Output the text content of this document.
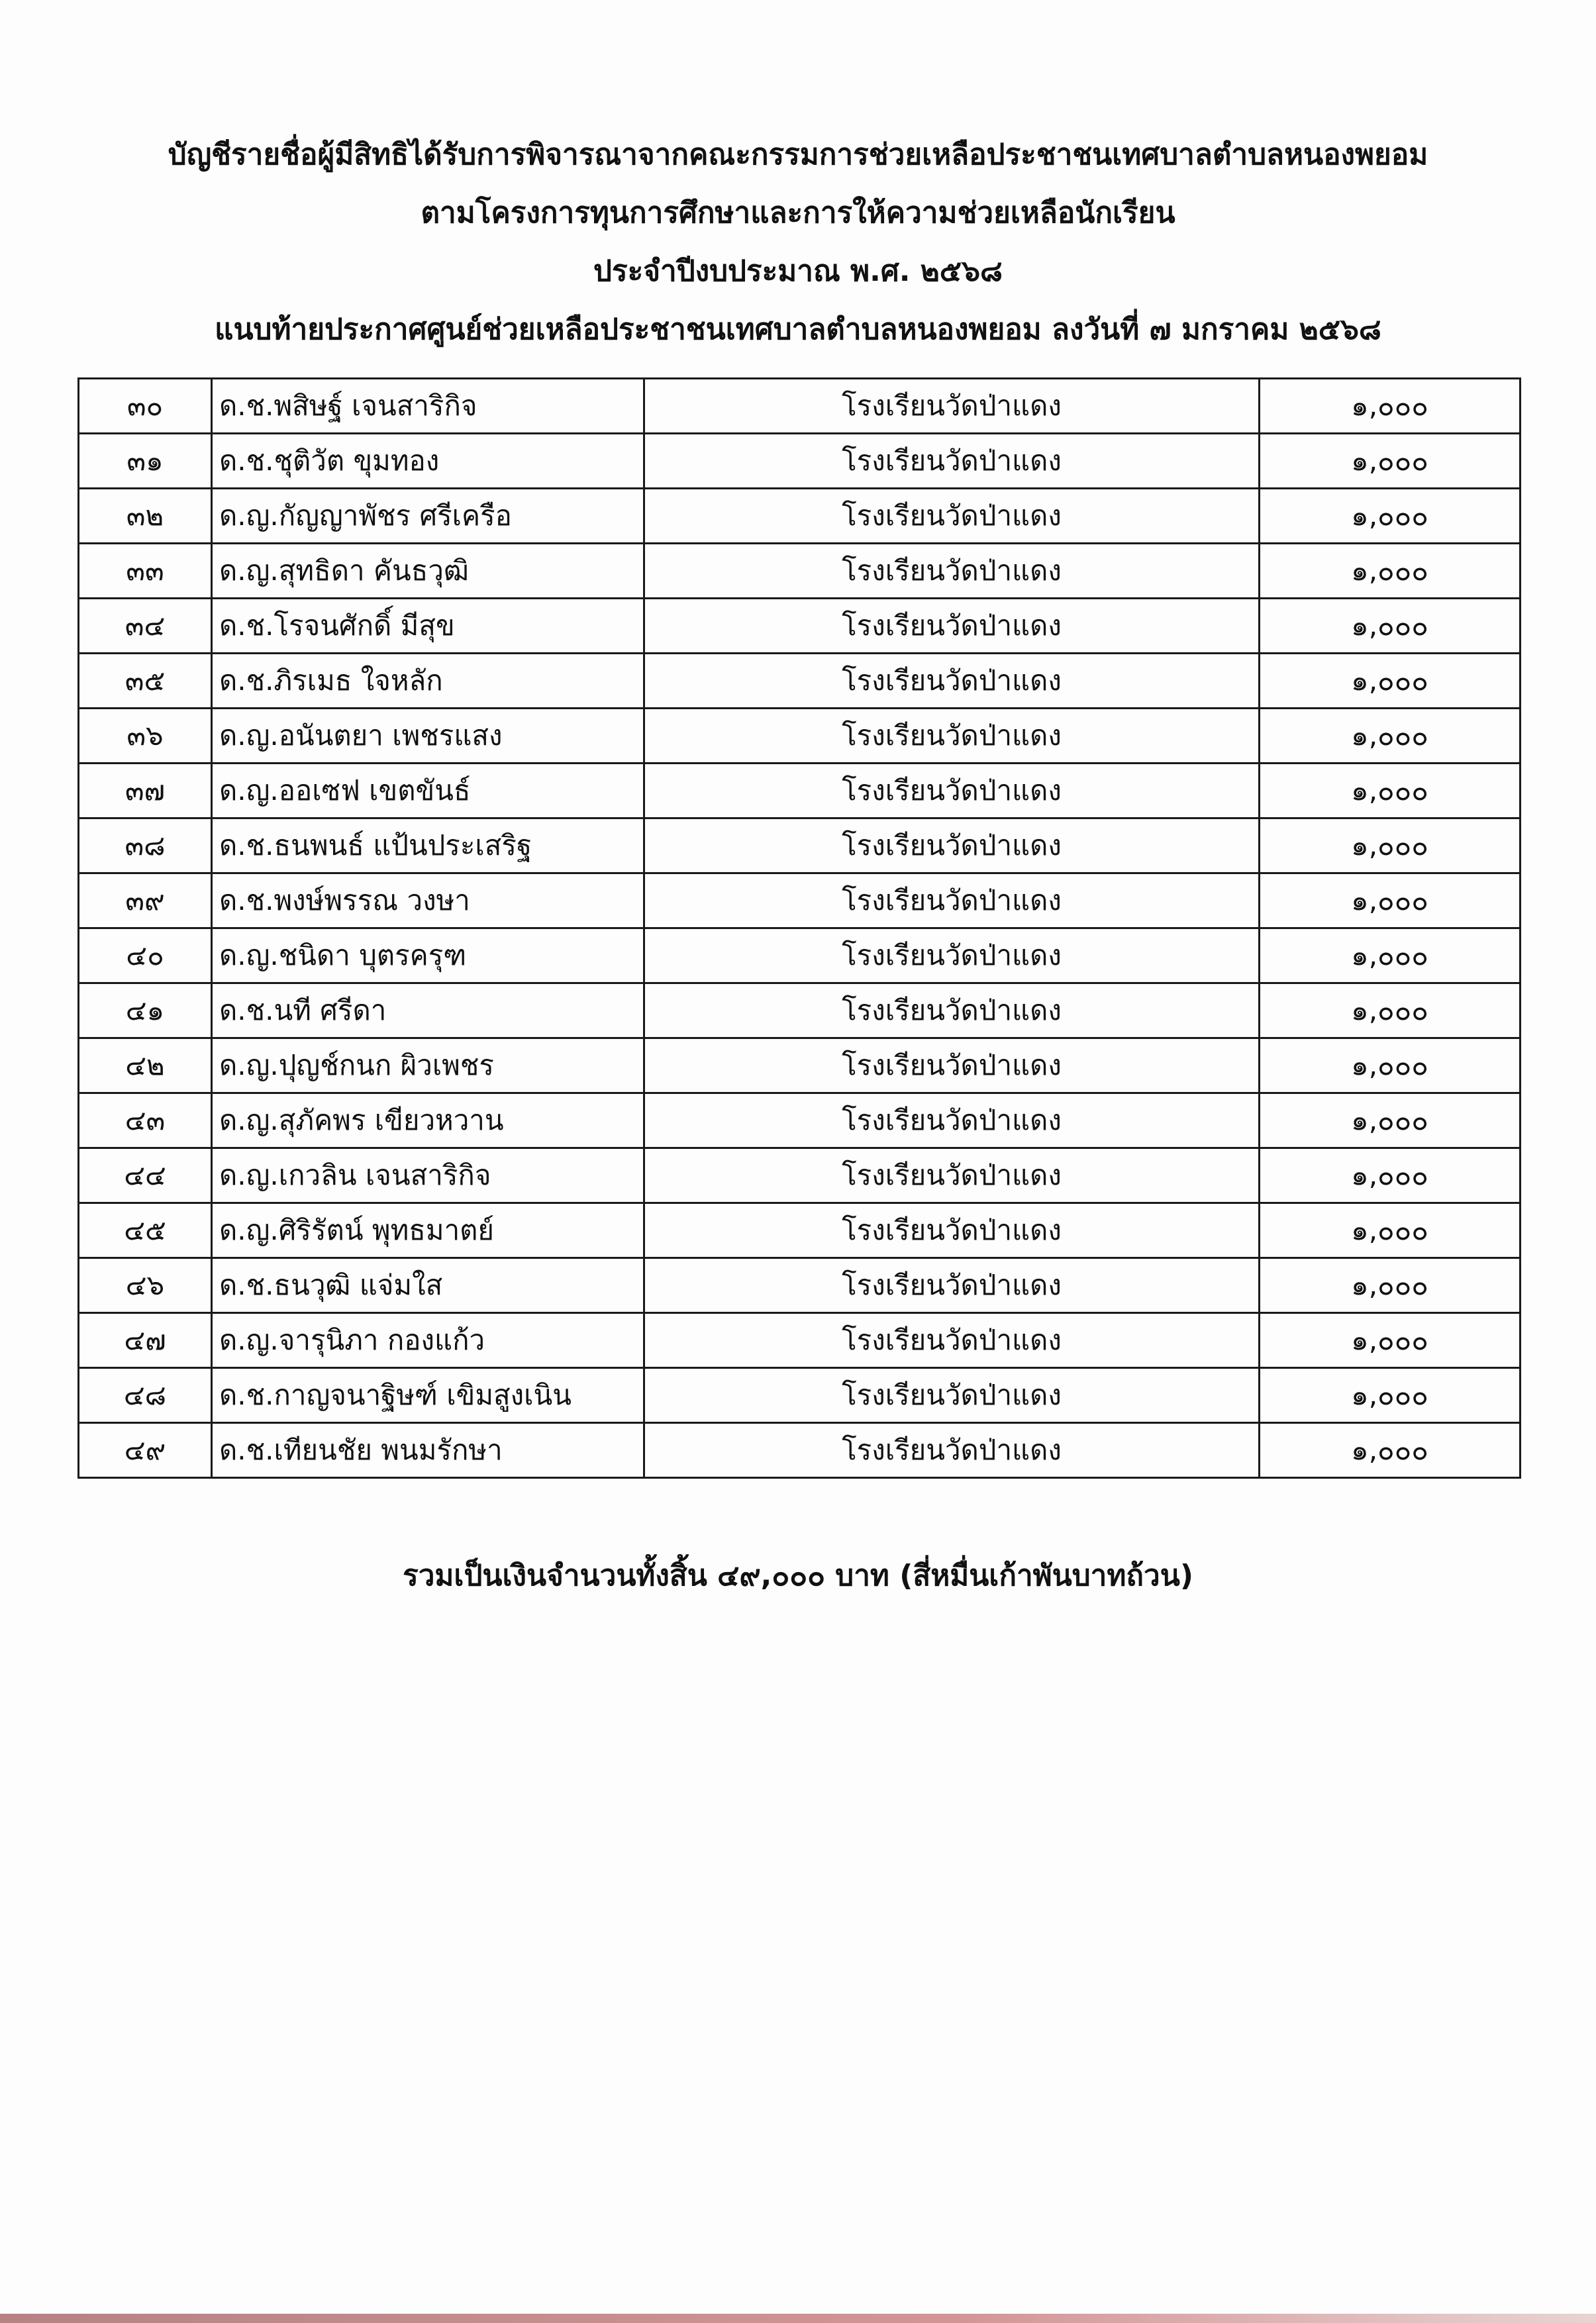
บัญชีรายชื่อผู้มีสิทธิได้รับการพิจารณาจากคณะกรรมการช่วยเหลือประชาชนเทศบาลตำบลหนองพยอม

ตามโครงการทุนการศึกษาและการให้ความช่วยเหลือนักเรียน

ประจำปีงบประมาณ พ.ศ. ๒๕๖๘

แนบท้ายประกาศศูนย์ช่วยเหลือประชาชนเทศบาลตำบลหนองพยอม ลงวันที่ ๗ มกราคม ๒๕๖๘

๓๐	ด.ช.พสิษฐ์ เจนสาริกิจ	โรงเรียนวัดป่าแดง	๑,๐๐๐
๓๑	ด.ช.ชุติวัต ขุมทอง	โรงเรียนวัดป่าแดง	๑,๐๐๐
๓๒	ด.ญ.กัญญาพัชร ศรีเครือ	โรงเรียนวัดป่าแดง	๑,๐๐๐
๓๓	ด.ญ.สุทธิดา คันธวุฒิ	โรงเรียนวัดป่าแดง	๑,๐๐๐
๓๔	ด.ช.โรจนศักดิ์ มีสุข	โรงเรียนวัดป่าแดง	๑,๐๐๐
๓๕	ด.ช.ภิรเมธ ใจหลัก	โรงเรียนวัดป่าแดง	๑,๐๐๐
๓๖	ด.ญ.อนันตยา เพชรแสง	โรงเรียนวัดป่าแดง	๑,๐๐๐
๓๗	ด.ญ.ออเซฟ เขตขันธ์	โรงเรียนวัดป่าแดง	๑,๐๐๐
๓๘	ด.ช.ธนพนธ์ แป้นประเสริฐ	โรงเรียนวัดป่าแดง	๑,๐๐๐
๓๙	ด.ช.พงษ์พรรณ วงษา	โรงเรียนวัดป่าแดง	๑,๐๐๐
๔๐	ด.ญ.ชนิดา บุตรครุฑ	โรงเรียนวัดป่าแดง	๑,๐๐๐
๔๑	ด.ช.นที ศรีดา	โรงเรียนวัดป่าแดง	๑,๐๐๐
๔๒	ด.ญ.ปุญช์กนก ผิวเพชร	โรงเรียนวัดป่าแดง	๑,๐๐๐
๔๓	ด.ญ.สุภัคพร เขียวหวาน	โรงเรียนวัดป่าแดง	๑,๐๐๐
๔๔	ด.ญ.เกวลิน เจนสาริกิจ	โรงเรียนวัดป่าแดง	๑,๐๐๐
๔๕	ด.ญ.ศิริรัตน์ พุทธมาตย์	โรงเรียนวัดป่าแดง	๑,๐๐๐
๔๖	ด.ช.ธนวุฒิ แจ่มใส	โรงเรียนวัดป่าแดง	๑,๐๐๐
๔๗	ด.ญ.จารุนิภา กองแก้ว	โรงเรียนวัดป่าแดง	๑,๐๐๐
๔๘	ด.ช.กาญจนาฐิษฑ์ เขิมสูงเนิน	โรงเรียนวัดป่าแดง	๑,๐๐๐
๔๙	ด.ช.เทียนชัย พนมรักษา	โรงเรียนวัดป่าแดง	๑,๐๐๐
รวมเป็นเงินจำนวนทั้งสิ้น ๔๙,๐๐๐ บาท (สี่หมื่นเก้าพันบาทถ้วน)
